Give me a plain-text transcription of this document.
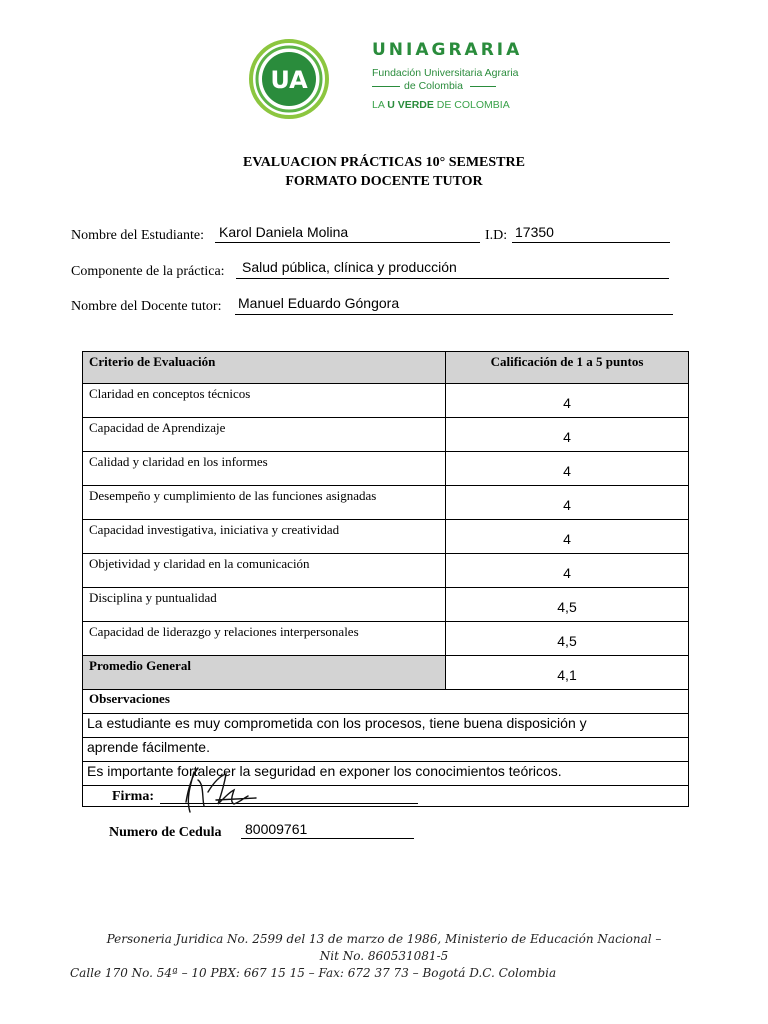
UA
UNIAGRARIA
Fundación Universitaria Agraria
de Colombia
LA U VERDE DE COLOMBIA
EVALUACION PRÁCTICAS 10° SEMESTRE
FORMATO DOCENTE TUTOR
Nombre del Estudiante: Karol Daniela Molina	I.D: 17350
Componente de la práctica: Salud pública, clínica y producción
Nombre del Docente tutor: Manuel Eduardo Góngora
Criterio de Evaluación	Calificación de 1 a 5 puntos
Claridad en conceptos técnicos	4
Capacidad de Aprendizaje	4
Calidad y claridad en los informes	4
Desempeño y cumplimiento de las funciones asignadas	4
Capacidad investigativa, iniciativa y creatividad	4
Objetividad y claridad en la comunicación	4
Disciplina y puntualidad	4,5
Capacidad de liderazgo y relaciones interpersonales	4,5
Promedio General	4,1
Observaciones	
La estudiante es muy comprometida con los procesos, tiene buena disposición y	
aprende fácilmente.	
Es importante fortalecer la seguridad en exponer los conocimientos teóricos.	

Firma:
Numero de Cedula 80009761
Personeria Juridica No. 2599 del 13 de marzo de 1986, Ministerio de Educación Nacional –
Nit No. 860531081-5
Calle 170 No. 54ª – 10 PBX: 667 15 15 – Fax: 672 37 73 – Bogotá D.C. Colombia
